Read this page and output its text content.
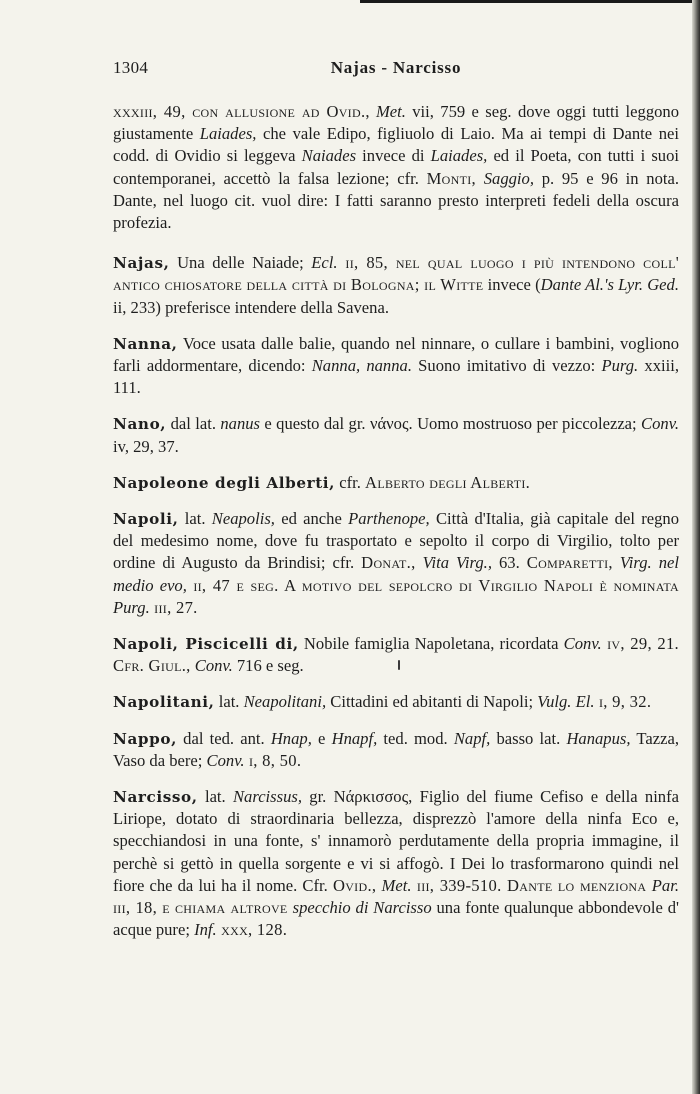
1304	Najas - Narcisso

xxxiii, 49, con allusione ad Ovid., Met. vii, 759 e seg. dove oggi tutti leggono giustamente Laiades, che vale Edipo, figliuolo di Laio. Ma ai tempi di Dante nei codd. di Ovidio si leggeva Naiades invece di Laiades, ed il Poeta, con tutti i suoi contemporanei, accettò la falsa lezione; cfr. Monti, Saggio, p. 95 e 96 in nota. Dante, nel luogo cit. vuol dire: I fatti saranno presto interpreti fedeli della oscura profezia.

Najas, Una delle Naiade; Ecl. ii, 85, nel qual luogo i più intendono coll' antico chiosatore della città di Bologna; il Witte invece (Dante Al.'s Lyr. Ged. ii, 233) preferisce intendere della Savena.

Nanna, Voce usata dalle balie, quando nel ninnare, o cullare i bambini, vogliono farli addormentare, dicendo: Nanna, nanna. Suono imitativo di vezzo: Purg. xxiii, 111.

Nano, dal lat. nanus e questo dal gr. νάνος. Uomo mostruoso per piccolezza; Conv. iv, 29, 37.

Napoleone degli Alberti, cfr. Alberto degli Alberti.

Napoli, lat. Neapolis, ed anche Parthenope, Città d'Italia, già capitale del regno del medesimo nome, dove fu trasportato e sepolto il corpo di Virgilio, tolto per ordine di Augusto da Brindisi; cfr. Donat., Vita Virg., 63. Comparetti, Virg. nel medio evo, ii, 47 e seg. A motivo del sepolcro di Virgilio Napoli è nominata Purg. iii, 27.

Napoli, Piscicelli di, Nobile famiglia Napoletana, ricordata Conv. iv, 29, 21. Cfr. Giul., Conv. 716 e seg.

Napolitani, lat. Neapolitani, Cittadini ed abitanti di Napoli; Vulg. El. i, 9, 32.

Nappo, dal ted. ant. Hnap, e Hnapf, ted. mod. Napf, basso lat. Hanapus, Tazza, Vaso da bere; Conv. i, 8, 50.

Narcisso, lat. Narcissus, gr. Νάρκισσος, Figlio del fiume Cefiso e della ninfa Liriope, dotato di straordinaria bellezza, disprezzò l'amore della ninfa Eco e, specchiandosi in una fonte, s' innamorò perdutamente della propria immagine, il perchè si gettò in quella sorgente e vi si affogò. I Dei lo trasformarono quindi nel fiore che da lui ha il nome. Cfr. Ovid., Met. iii, 339-510. Dante lo menziona Par. iii, 18, e chiama altrove specchio di Narcisso una fonte qualunque abbondevole d' acque pure; Inf. xxx, 128.
